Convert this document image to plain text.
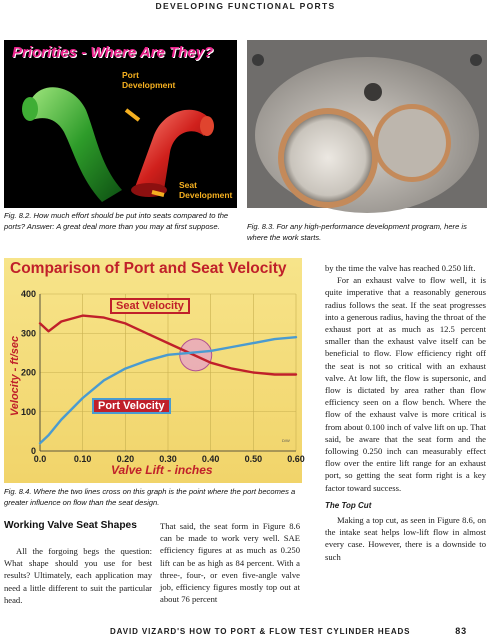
DEVELOPING FUNCTIONAL PORTS
Priorities - Where Are They?
Port
Development
Seat
Development
Fig. 8.2. How much effort should be put into seats compared to the ports? Answer: A great deal more than you may at first suppose.	Fig. 8.3. For any high-performance development program, here is where the work starts.
0.0	0.10	0.20	0.30	0.40	0.50	0.60
0
100
200
300
400
Comparison of Port and Seat Velocity
Velocity - ft/sec
Valve Lift - inches
Seat Velocity
Port Velocity
D/W
Fig. 8.4. Where the two lines cross on this graph is the point where the port becomes a greater influence on flow than the seat design.
Working Valve Seat Shapes

All the forgoing begs the question: What shape should you use for best results? Ultimately, each application may need a little different to suit the particular head.

That said, the seat form in Figure 8.6 can be made to work very well. SAE efficiency figures at as much as 0.250 lift can be as high as 84 percent. With a three-, four-, or even five-angle valve job, efficiency figures mostly top out at about 76 percent

by the time the valve has reached 0.250 lift.

For an exhaust valve to flow well, it is quite imperative that a reasonably generous radius follows the seat. If the seat progresses into a generous radius, having the throat of the exhaust port at as much as 12.5 percent smaller than the exhaust valve itself can be beneficial to flow. Flow efficiency right off the seat is not so critical with an exhaust valve. At low lift, the flow is supersonic, and flow is dictated by area rather than flow efficiency seen on a flow bench. Where the flow of the exhaust valve is more critical is from about 0.100 inch of valve lift on up. That said, be aware that the seat form and the following 0.250 inch can measurably effect flow over the entire lift range for an exhaust port, so getting the seat form right is a key factor toward success.

The Top Cut

Making a top cut, as seen in Figure 8.6, on the intake seat helps low-lift flow in almost every case. However, there is a downside to such

DAVID VIZARD'S HOW TO PORT & FLOW TEST CYLINDER HEADS	83
